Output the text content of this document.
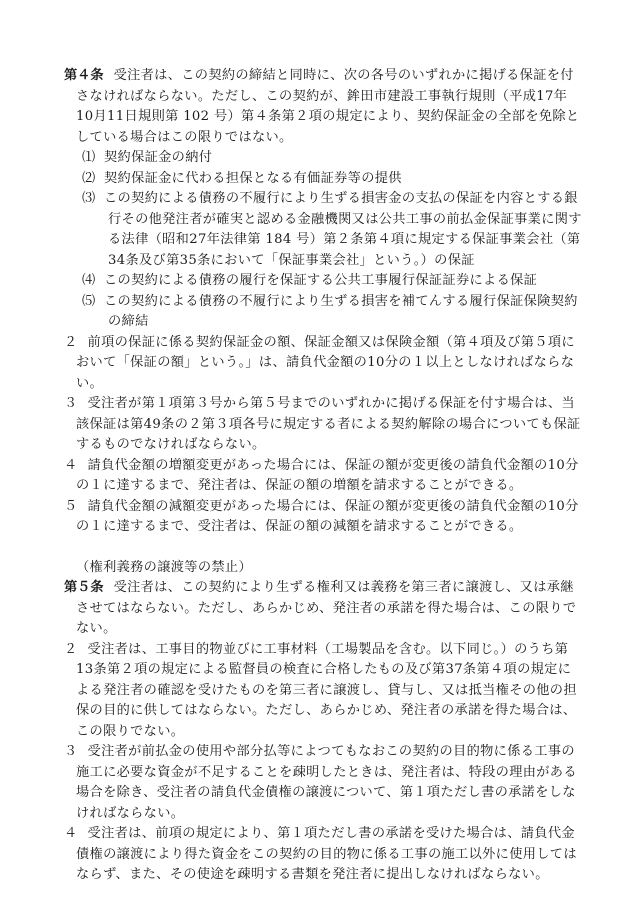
第４条 受注者は、この契約の締結と同時に、次の各号のいずれかに掲げる保証を付さなければならない。ただし、この契約が、鉾田市建設工事執行規則（平成17年10月11日規則第 102 号）第４条第２項の規定により、契約保証金の全部を免除としている場合はこの限りではない。

⑴ 契約保証金の納付

⑵ 契約保証金に代わる担保となる有価証券等の提供

⑶ この契約による債務の不履行により生ずる損害金の支払の保証を内容とする銀行その他発注者が確実と認める金融機関又は公共工事の前払金保証事業に関する法律（昭和27年法律第 184 号）第２条第４項に規定する保証事業会社（第34条及び第35条において「保証事業会社」という。）の保証

⑷ この契約による債務の履行を保証する公共工事履行保証証券による保証

⑸ この契約による債務の不履行により生ずる損害を補てんする履行保証保険契約の締結

２ 前項の保証に係る契約保証金の額、保証金額又は保険金額（第４項及び第５項において「保証の額」という。」は、請負代金額の10分の１以上としなければならない。

３ 受注者が第１項第３号から第５号までのいずれかに掲げる保証を付す場合は、当該保証は第49条の２第３項各号に規定する者による契約解除の場合についても保証するものでなければならない。

４ 請負代金額の増額変更があった場合には、保証の額が変更後の請負代金額の10分の１に達するまで、発注者は、保証の額の増額を請求することができる。

５ 請負代金額の減額変更があった場合には、保証の額が変更後の請負代金額の10分の１に達するまで、受注者は、保証の額の減額を請求することができる。

（権利義務の譲渡等の禁止）

第５条 受注者は、この契約により生ずる権利又は義務を第三者に譲渡し、又は承継させてはならない。ただし、あらかじめ、発注者の承諾を得た場合は、この限りでない。

２ 受注者は、工事目的物並びに工事材料（工場製品を含む。以下同じ。）のうち第13条第２項の規定による監督員の検査に合格したもの及び第37条第４項の規定による発注者の確認を受けたものを第三者に譲渡し、貸与し、又は抵当権その他の担保の目的に供してはならない。ただし、あらかじめ、発注者の承諾を得た場合は、この限りでない。

３ 受注者が前払金の使用や部分払等によつてもなおこの契約の目的物に係る工事の施工に必要な資金が不足することを疎明したときは、発注者は、特段の理由がある場合を除き、受注者の請負代金債権の譲渡について、第１項ただし書の承諾をしなければならない。

４ 受注者は、前項の規定により、第１項ただし書の承諾を受けた場合は、請負代金債権の譲渡により得た資金をこの契約の目的物に係る工事の施工以外に使用してはならず、また、その使途を疎明する書類を発注者に提出しなければならない。
